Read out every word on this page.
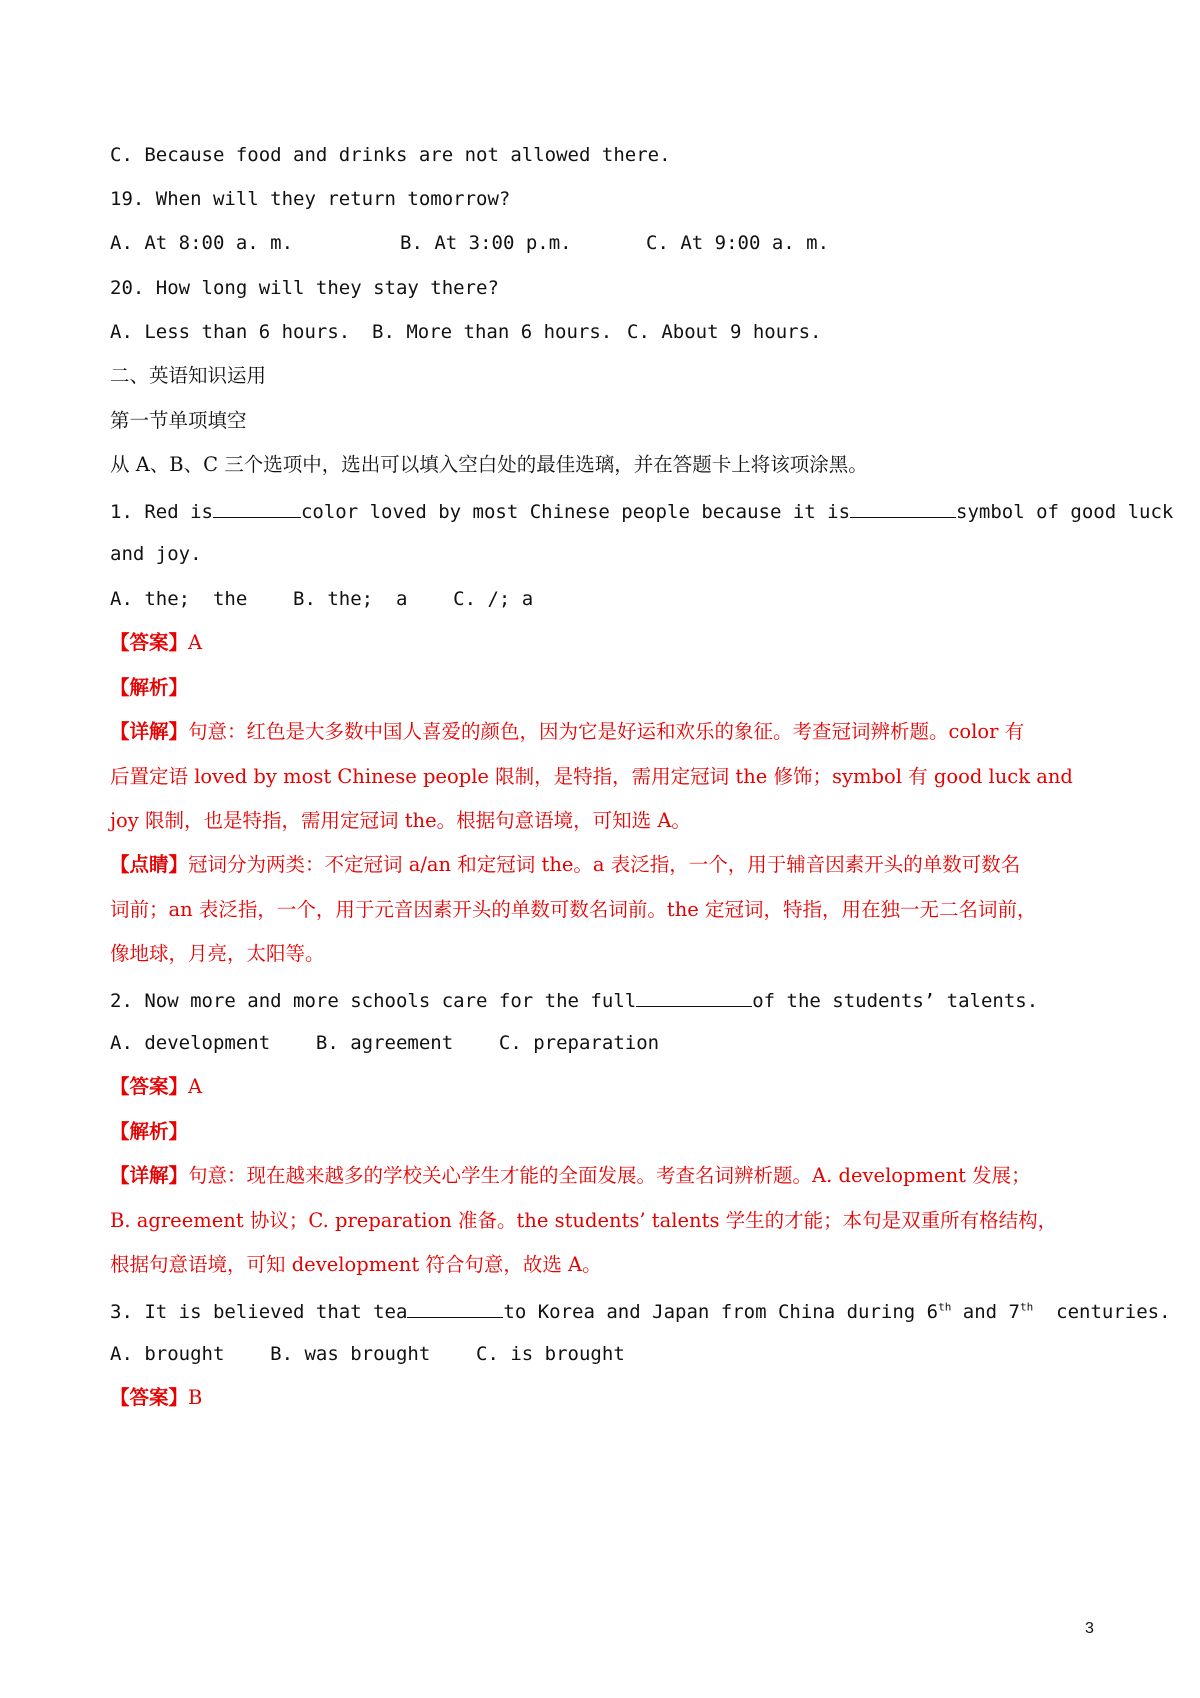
C. Because food and drinks are not allowed there.
19. When will they return tomorrow?
A. At 8:00 a. m.	B. At 3:00 p.m.	C. At 9:00 a. m.
20. How long will they stay there?
A. Less than 6 hours. B. More than 6 hours. C. About 9 hours.
二、英语知识运用
第一节单项填空
从 A、B、C 三个选项中，选出可以填入空白处的最佳选璃，并在答题卡上将该项涂黑。
1. Red is	color loved by most Chinese people because it is	symbol of good luck
and joy.
A. the;  the    B. the;  a    C. /; a
【答案】A
【解析】
【详解】句意：红色是大多数中国人喜爱的颜色，因为它是好运和欢乐的象征。考查冠词辨析题。color 有
后置定语 loved by most Chinese people 限制，是特指，需用定冠词 the 修饰；symbol 有 good luck and
joy 限制，也是特指，需用定冠词 the。根据句意语境，可知选 A。
【点睛】冠词分为两类：不定冠词 a/an 和定冠词 the。a 表泛指，一个，用于辅音因素开头的单数可数名
词前；an 表泛指，一个，用于元音因素开头的单数可数名词前。the 定冠词，特指，用在独一无二名词前，
像地球，月亮，太阳等。
2. Now more and more schools care for the full	of the students’ talents.
A. development    B. agreement    C. preparation
【答案】A
【解析】
【详解】句意：现在越来越多的学校关心学生才能的全面发展。考查名词辨析题。A. development 发展；
B. agreement 协议；C. preparation 准备。the students’ talents 学生的才能；本句是双重所有格结构，
根据句意语境，可知 development 符合句意，故选 A。
3. It is believed that tea	to Korea and Japan from China during 6th and 7th  centuries.
A. brought    B. was brought    C. is brought
【答案】B
3
